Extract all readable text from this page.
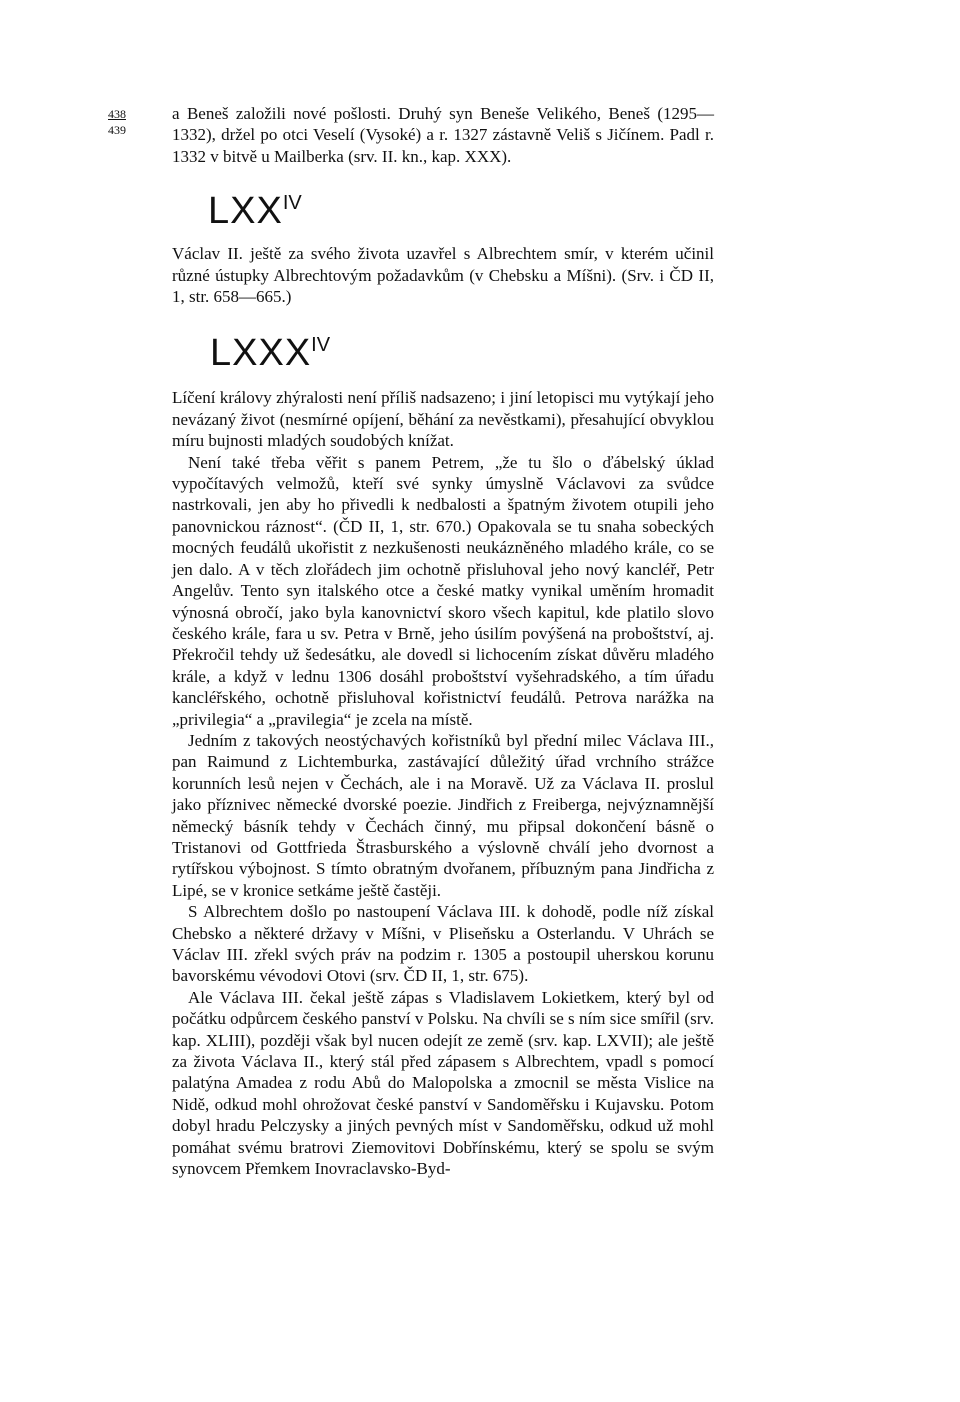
438
439

a Beneš založili nové pošlosti. Druhý syn Beneše Velikého, Beneš (1295—1332), držel po otci Veselí (Vysoké) a r. 1327 zástavně Veliš s Jičínem. Padl r. 1332 v bitvě u Mailberka (srv. II. kn., kap. XXX).

$LXX^{IV}$

Václav II. ještě za svého života uzavřel s Albrechtem smír, v kterém učinil různé ústupky Albrechtovým požadavkům (v Chebsku a Míšni). (Srv. i ČD II, 1, str. 658—665.)

$LXXX^{IV}$

Líčení královy zhýralosti není příliš nadsazeno; i jiní letopisci mu vytýkají jeho nevázaný život (nesmírné opíjení, běhání za nevěstkami), přesahující obvyklou míru bujnosti mladých soudobých knížat.

Není také třeba věřit s panem Petrem, „že tu šlo o ďábelský úklad vypočítavých velmožů, kteří své synky úmyslně Václavovi za svůdce nastrkovali, jen aby ho přivedli k nedbalosti a špatným životem otupili jeho panovnickou ráznost“. (ČD II, 1, str. 670.) Opakovala se tu snaha sobeckých mocných feudálů ukořistit z nezkušenosti neukázněného mladého krále, co se jen dalo. A v těch zlořádech jim ochotně přisluhoval jeho nový kancléř, Petr Angelův. Tento syn italského otce a české matky vynikal uměním hromadit výnosná obročí, jako byla kanovnictví skoro všech kapitul, kde platilo slovo českého krále, fara u sv. Petra v Brně, jeho úsilím povýšená na proboštství, aj. Překročil tehdy už šedesátku, ale dovedl si lichocením získat důvěru mladého krále, a když v lednu 1306 dosáhl proboštství vyšehradského, a tím úřadu kancléřského, ochotně přisluhoval kořistnictví feudálů. Petrova narážka na „privilegia“ a „pravilegia“ je zcela na místě.

Jedním z takových neostýchavých kořistníků byl přední milec Václava III., pan Raimund z Lichtemburka, zastávající důležitý úřad vrchního strážce korunních lesů nejen v Čechách, ale i na Moravě. Už za Václava II. proslul jako příznivec německé dvorské poezie. Jindřich z Freiberga, nejvýznamnější německý básník tehdy v Čechách činný, mu připsal dokončení básně o Tristanovi od Gottfrieda Štrasburského a výslovně chválí jeho dvornost a rytířskou výbojnost. S tímto obratným dvořanem, příbuzným pana Jindřicha z Lipé, se v kronice setkáme ještě častěji.

S Albrechtem došlo po nastoupení Václava III. k dohodě, podle níž získal Chebsko a některé državy v Míšni, v Pliseňsku a Osterlandu. V Uhrách se Václav III. zřekl svých práv na podzim r. 1305 a postoupil uherskou korunu bavorskému vévodovi Otovi (srv. ČD II, 1, str. 675).

Ale Václava III. čekal ještě zápas s Vladislavem Lokietkem, který byl od počátku odpůrcem českého panství v Polsku. Na chvíli se s ním sice smířil (srv. kap. XLIII), později však byl nucen odejít ze země (srv. kap. LXVII); ale ještě za života Václava II., který stál před zápasem s Albrechtem, vpadl s pomocí palatýna Amadea z rodu Abů do Malopolska a zmocnil se města Vislice na Nidě, odkud mohl ohrožovat české panství v Sandoměřsku i Kujavsku. Potom dobyl hradu Pelczysky a jiných pevných míst v Sandoměřsku, odkud už mohl pomáhat svému bratrovi Ziemovitovi Dobřínskému, který se spolu se svým synovcem Přemkem Inovraclavsko-Byd-
